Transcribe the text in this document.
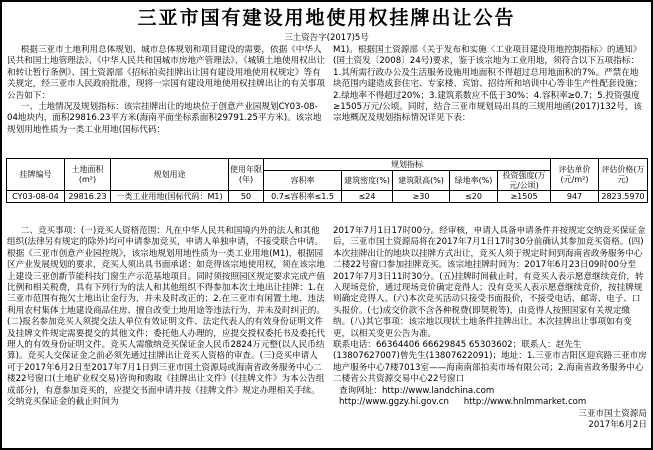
三亚市国有建设用地使用权挂牌出让公告
三土资告字(2017)5号

根据三亚市土地利用总体规划、城市总体规划和项目建设的需要，依据《中华人民共和国土地管理法》、《中华人民共和国城市房地产管理法》、《城镇土地使用权出让和转让暂行条例》、国土资源部《招标拍卖挂牌出让国有建设用地使用权规定》等有关规定，经三亚市人民政府批准，现将一宗国有建设用地使用权挂牌出让的有关事项公告如下：

一、土地情况及规划指标：该宗挂牌出让的地块位于创意产业园规划CY03-08-04地块内，面积29816.23平方米(海南平面坐标系面积29791.25平方米)。该宗地规划用地性质为一类工业用地(国标代码：

M1)。根据国土资源部《关于发布和实施〈工业项目建设用地控制指标〉的通知》(国土资发〔2008〕24号)要求，鉴于该宗地为工业用地，须符合以下五项指标：1.其所需行政办公及生活服务设施用地面积不得超过总用地面积的7%。严禁在地块范围内建造成套住宅、专家楼、宾馆、招待所和培训中心等非生产性配套设施；2.绿地率不得超过20%；3.建筑系数应不低于30%；4.容积率≥0.7；5.投资强度≥1505万元/公顷。同时，结合三亚市规划局出具的三规用地函(2017)132号，该宗地概况及规划指标情况详见下表：

挂牌编号	土地面积(m²)	规划用途	使用年限(年)	规划指标					评估单价(元/m²)	评估价格(万元)
				容积率	建筑密度(%)	建筑限高(%)	绿地率(%)	投资强度(万元/公顷)		
CY03-08-04	29816.23	一类工业用地(国标代码：M1)	50	0.7≤容积率≤1.5	≤24	≥30	≤20	≥1505	947	2823.5970

二、竞买事项：(一)竞买人资格范围：凡在中华人民共和国境内外的法人和其他组织(法律另有规定的除外)均可申请参加竞买，申请人单独申请，不接受联合申请。根据《三亚市创意产业园控规》，该宗地规划用地性质为一类工业用地(M1)，根据园区产业发展规划的要求，竞买人须出具书面承诺：如竞得该宗地使用权，须在该宗地上建设三亚创新节能科技门窗生产示范基地项目。同时须按照园区规定要求完成产值比例和相关税费，具有下列行为的法人和其他组织不得参加本次土地出让挂牌：1.在三亚市范围有拖欠土地出让金行为，并未及时改正的；2.在三亚市有闲置土地、违法利用农村集体土地建设商品住房、擅自改变土地用途等违法行为，并未及时纠正的。(二)报名参加竞买人须提交法人单位有效证明文件、法定代表人的有效身份证明文件及挂牌文件规定需要提交的其他文件；委托他人办理的，应提交授权委托书及委托代理人的有效身份证明文件。竞买人需缴纳竞买保证金人民币2824万元整(以人民币结算)。竞买人交保证金之前必须先通过挂牌出让竞买人资格的审查。(三)竞买申请人可于2017年6月2日至2017年7月1日到三亚市国土资源局或海南省政务服务中心二楼22号窗口(土地矿业权交易)咨询和购取《挂牌出让文件》(《挂牌文件》为本公告组成部分)，有意参加竞买的，应提交书面申请并按《挂牌文件》规定办理相关手续。交纳竞买保证金的截止时间为

2017年7月1日17时00分。经审核，申请人具备申请条件并按规定交纳竞买保证金后，三亚市国土资源局将在2017年7月1日17时30分前确认其参加竞买资格。(四)本次挂牌出让的地块以挂牌方式出让，竞买人须于规定时间到海南省政务服务中心二楼22号窗口参加挂牌竞买。该宗地挂牌时间为：2017年6月23日09时00分至2017年7月3日11时30分。(五)挂牌时间截止时，有竞买人表示愿意继续竞价，转入现场竞价，通过现场竞价确定竞得人；没有竞买人表示愿意继续竞价，按挂牌规则确定竞得人。(六)本次竞买活动只接受书面报价，不接受电话、邮寄、电子、口头报价。(七)成交价款不含各种税费(即契税等)，由竞得人按照国家有关规定缴纳。(八)其它事项：该宗地以现状土地条件挂牌出让。本次挂牌出让事项如有变更，以相关变更公告为准。

联系电话：66364406 66629845 65303602；联系人：赵先生(13807627007)曾先生(13807622091)；地址：1.三亚市吉阳区迎宾路三亚市房地产服务中心7楼7013室——海南南部拍卖市场有限公司；2.海南省政务服务中心二楼省公共资源交易中心22号窗口

查询网址：http://www.landchina.com

http://www.ggzy.hi.gov.cn http://www.hnlmmarket.com

三亚市国土资源局

2017年6月2日
